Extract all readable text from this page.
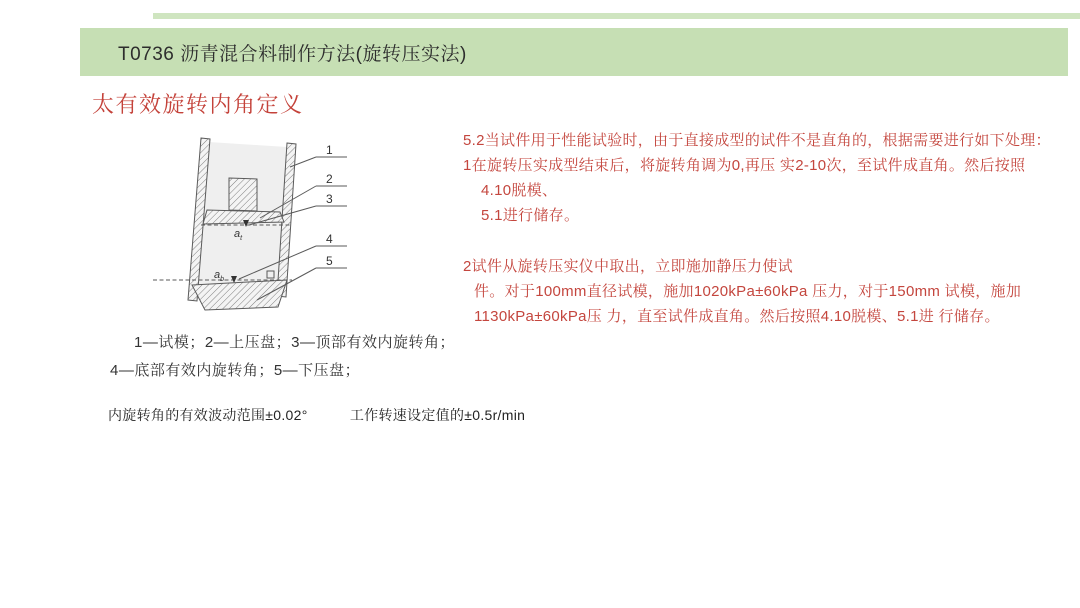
T0736 沥青混合料制作方法(旋转压实法)
太有效旋转内角定义
$a_t$
$a_b$
1
2
3
4
5

5.2当试件用于性能试验时，由于直接成型的试件不是直角的，根据需要进行如下处理：

1在旋转压实成型结束后，将旋转角调为0,再压 实2-10次，至试件成直角。然后按照

4.10脱模、

5.1进行储存。

2试件从旋转压实仪中取出，立即施加静压力使试

件。对于100mm直径试模，施加1020kPa±60kPa 压力，对于150mm 试模，施加

1130kPa±60kPa压 力，直至试件成直角。然后按照4.10脱模、5.1进 行储存。

1—试模；2—上压盘；3—顶部有效内旋转角；

4—底部有效内旋转角；5—下压盘；

内旋转角的有效波动范围±0.02°	工作转速设定值的±0.5r/min
